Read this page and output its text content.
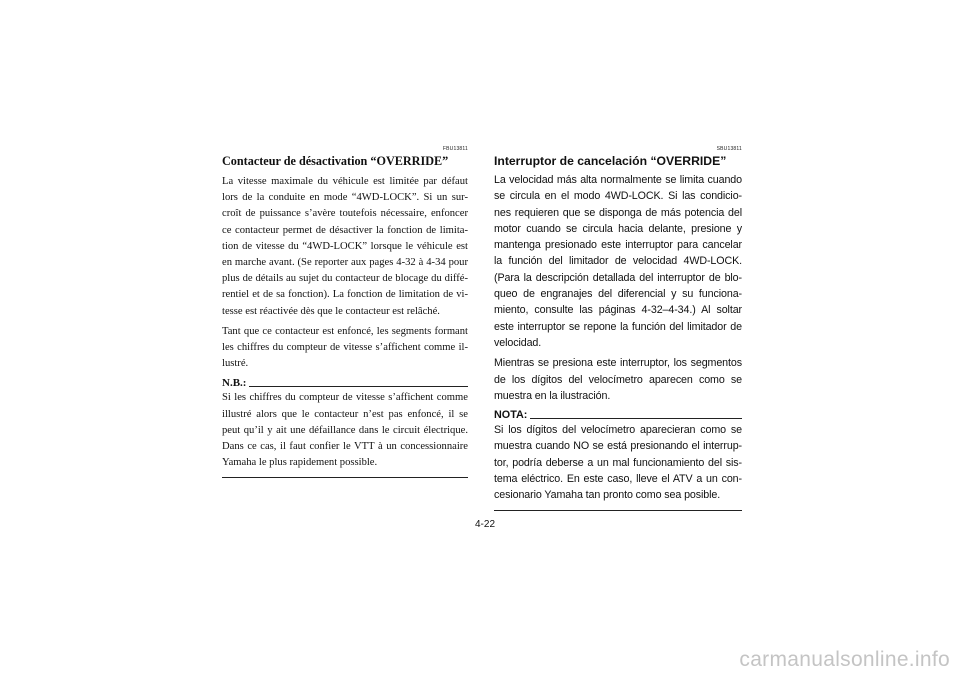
FBU13811
Contacteur de désactivation “OVERRIDE”

La vitesse maximale du véhicule est limitée par défaut lors de la conduite en mode “4WD-LOCK”. Si un sur-croît de puissance s’avère toutefois nécessaire, enfoncer ce contacteur permet de désactiver la fonction de limita-tion de vitesse du “4WD-LOCK” lorsque le véhicule est en marche avant. (Se reporter aux pages 4-32 à 4-34 pour plus de détails au sujet du contacteur de blocage du diffé-rentiel et de sa fonction). La fonction de limitation de vi-tesse est réactivée dès que le contacteur est relâché.

Tant que ce contacteur est enfoncé, les segments formant les chiffres du compteur de vitesse s’affichent comme il-lustré.

N.B.:

Si les chiffres du compteur de vitesse s’affichent comme illustré alors que le contacteur n’est pas enfoncé, il se peut qu’il y ait une défaillance dans le circuit électrique. Dans ce cas, il faut confier le VTT à un concessionnaire Yamaha le plus rapidement possible.

SBU13811
Interruptor de cancelación “OVERRIDE”

La velocidad más alta normalmente se limita cuando se circula en el modo 4WD-LOCK. Si las condicio-nes requieren que se disponga de más potencia del motor cuando se circula hacia delante, presione y mantenga presionado este interruptor para cancelar la función del limitador de velocidad 4WD-LOCK. (Para la descripción detallada del interruptor de blo-queo de engranajes del diferencial y su funciona-miento, consulte las páginas 4-32–4-34.) Al soltar este interruptor se repone la función del limitador de velocidad.

Mientras se presiona este interruptor, los segmentos de los dígitos del velocímetro aparecen como se muestra en la ilustración.

NOTA:

Si los dígitos del velocímetro aparecieran como se muestra cuando NO se está presionando el interrup-tor, podría deberse a un mal funcionamiento del sis-tema eléctrico. En este caso, lleve el ATV a un con-cesionario Yamaha tan pronto como sea posible.

4-22
carmanualsonline.info
